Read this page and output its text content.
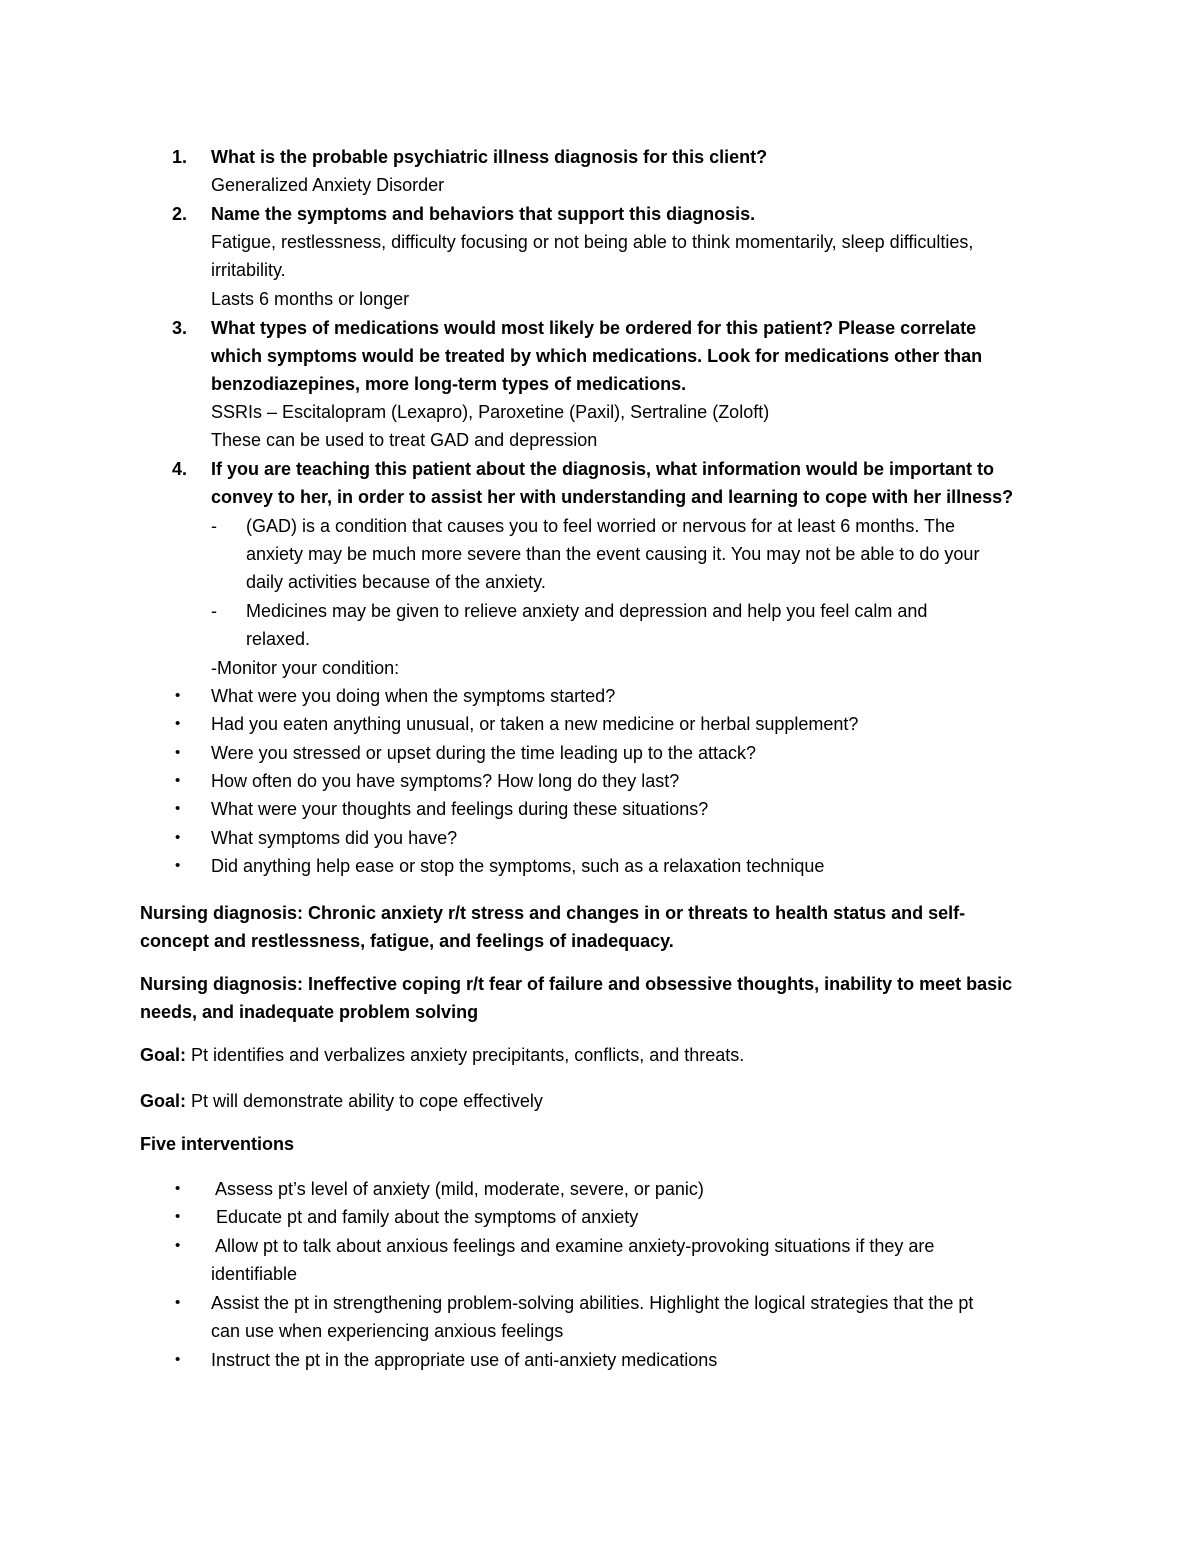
1. What is the probable psychiatric illness diagnosis for this client?
Generalized Anxiety Disorder
2. Name the symptoms and behaviors that support this diagnosis.
Fatigue, restlessness, difficulty focusing or not being able to think momentarily, sleep difficulties,
irritability.
Lasts 6 months or longer
3. What types of medications would most likely be ordered for this patient? Please correlate
which symptoms would be treated by which medications. Look for medications other than
benzodiazepines, more long-term types of medications.
SSRIs – Escitalopram (Lexapro), Paroxetine (Paxil), Sertraline (Zoloft)
These can be used to treat GAD and depression
4. If you are teaching this patient about the diagnosis, what information would be important to
convey to her, in order to assist her with understanding and learning to cope with her illness?
- (GAD) is a condition that causes you to feel worried or nervous for at least 6 months. The
anxiety may be much more severe than the event causing it. You may not be able to do your
daily activities because of the anxiety.
- Medicines may be given to relieve anxiety and depression and help you feel calm and
relaxed.
-Monitor your condition:
• What were you doing when the symptoms started?
• Had you eaten anything unusual, or taken a new medicine or herbal supplement?
• Were you stressed or upset during the time leading up to the attack?
• How often do you have symptoms? How long do they last?
• What were your thoughts and feelings during these situations?
• What symptoms did you have?
• Did anything help ease or stop the symptoms, such as a relaxation technique
Nursing diagnosis: Chronic anxiety r/t stress and changes in or threats to health status and self-
concept and restlessness, fatigue, and feelings of inadequacy.
Nursing diagnosis: Ineffective coping r/t fear of failure and obsessive thoughts, inability to meet basic
needs, and inadequate problem solving
Goal: Pt identifies and verbalizes anxiety precipitants, conflicts, and threats.
Goal: Pt will demonstrate ability to cope effectively
Five interventions
• Assess pt’s level of anxiety (mild, moderate, severe, or panic)
• Educate pt and family about the symptoms of anxiety
• Allow pt to talk about anxious feelings and examine anxiety-provoking situations if they are
identifiable
• Assist the pt in strengthening problem-solving abilities. Highlight the logical strategies that the pt
can use when experiencing anxious feelings
• Instruct the pt in the appropriate use of anti-anxiety medications
